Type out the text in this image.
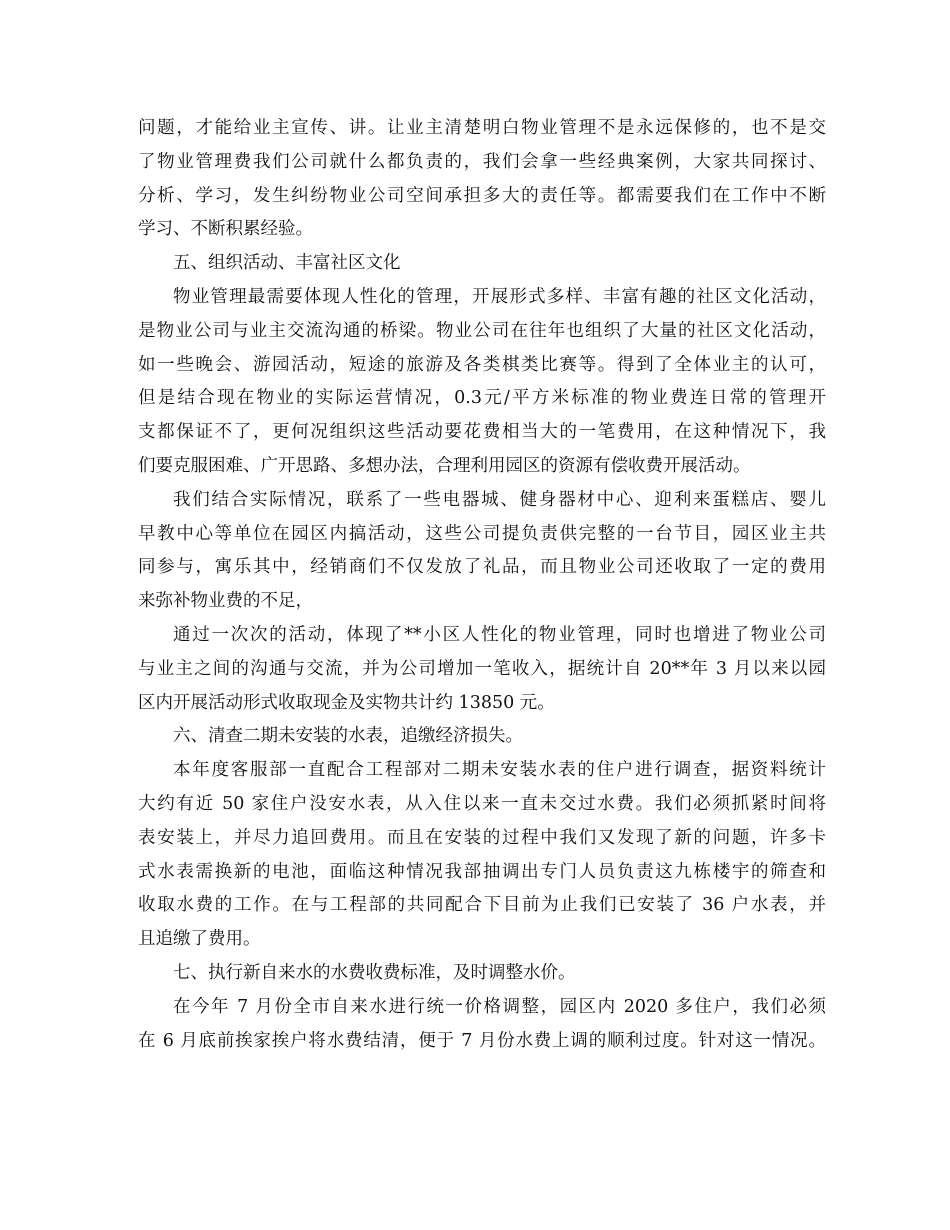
问题，才能给业主宣传、讲。让业主清楚明白物业管理不是永远保修的，也不是交
了物业管理费我们公司就什么都负责的，我们会拿一些经典案例，大家共同探讨、
分析、学习，发生纠纷物业公司空间承担多大的责任等。都需要我们在工作中不断
学习、不断积累经验。
五、组织活动、丰富社区文化
物业管理最需要体现人性化的管理，开展形式多样、丰富有趣的社区文化活动，
是物业公司与业主交流沟通的桥梁。物业公司在往年也组织了大量的社区文化活动，
如一些晚会、游园活动，短途的旅游及各类棋类比赛等。得到了全体业主的认可，
但是结合现在物业的实际运营情况，0.3元/平方米标准的物业费连日常的管理开
支都保证不了，更何况组织这些活动要花费相当大的一笔费用，在这种情况下，我
们要克服困难、广开思路、多想办法，合理利用园区的资源有偿收费开展活动。
我们结合实际情况，联系了一些电器城、健身器材中心、迎利来蛋糕店、婴儿
早教中心等单位在园区内搞活动，这些公司提负责供完整的一台节目，园区业主共
同参与，寓乐其中，经销商们不仅发放了礼品，而且物业公司还收取了一定的费用
来弥补物业费的不足，
通过一次次的活动，体现了**小区人性化的物业管理，同时也增进了物业公司
与业主之间的沟通与交流，并为公司增加一笔收入，据统计自 20**年 3 月以来以园
区内开展活动形式收取现金及实物共计约 13850 元。
六、清查二期未安装的水表，追缴经济损失。
本年度客服部一直配合工程部对二期未安装水表的住户进行调查，据资料统计
大约有近 50 家住户没安水表，从入住以来一直未交过水费。我们必须抓紧时间将
表安装上，并尽力追回费用。而且在安装的过程中我们又发现了新的问题，许多卡
式水表需换新的电池，面临这种情况我部抽调出专门人员负责这九栋楼宇的筛查和
收取水费的工作。在与工程部的共同配合下目前为止我们已安装了 36 户水表，并
且追缴了费用。
七、执行新自来水的水费收费标准，及时调整水价。
在今年 7 月份全市自来水进行统一价格调整，园区内 2020 多住户，我们必须
在 6 月底前挨家挨户将水费结清，便于 7 月份水费上调的顺利过度。针对这一情况。
